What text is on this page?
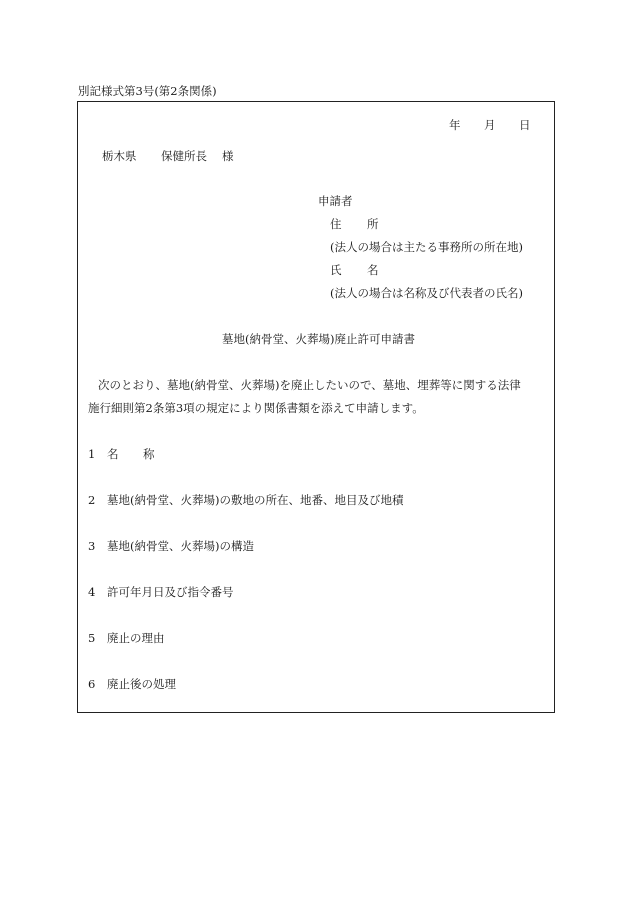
別記様式第3号(第2条関係)
年 月 日
栃木県 保健所長 様
申請者
住 所
(法人の場合は主たる事務所の所在地)
氏 名
(法人の場合は名称及び代表者の氏名)
墓地(納骨堂、火葬場)廃止許可申請書
次のとおり、墓地(納骨堂、火葬場)を廃止したいので、墓地、埋葬等に関する法律
施行細則第2条第3項の規定により関係書類を添えて申請します。
1 名 称
2 墓地(納骨堂、火葬場)の敷地の所在、地番、地目及び地積
3 墓地(納骨堂、火葬場)の構造
4 許可年月日及び指令番号
5 廃止の理由
6 廃止後の処理
